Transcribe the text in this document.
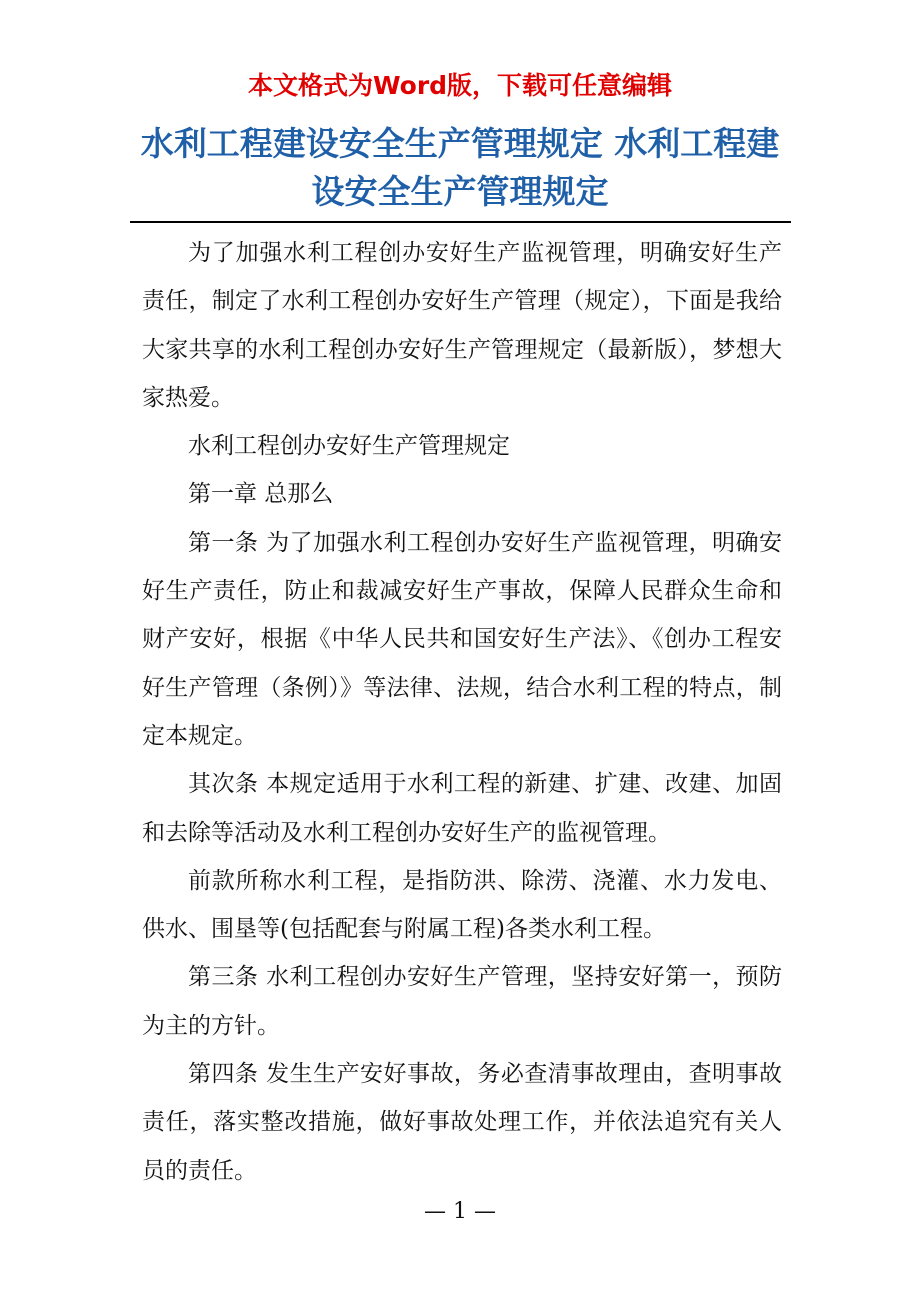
本文格式为Word版，下载可任意编辑
水利工程建设安全生产管理规定 水利工程建设安全生产管理规定

为了加强水利工程创办安好生产监视管理，明确安好生产责任，制定了水利工程创办安好生产管理（规定），下面是我给大家共享的水利工程创办安好生产管理规定（最新版），梦想大家热爱。

水利工程创办安好生产管理规定

第一章 总那么

第一条 为了加强水利工程创办安好生产监视管理，明确安好生产责任，防止和裁减安好生产事故，保障人民群众生命和财产安好，根据《中华人民共和国安好生产法》、《创办工程安好生产管理（条例）》等法律、法规，结合水利工程的特点，制定本规定。

其次条 本规定适用于水利工程的新建、扩建、改建、加固和去除等活动及水利工程创办安好生产的监视管理。

前款所称水利工程，是指防洪、除涝、浇灌、水力发电、供水、围垦等(包括配套与附属工程)各类水利工程。

第三条 水利工程创办安好生产管理，坚持安好第一，预防为主的方针。

第四条 发生生产安好事故，务必查清事故理由，查明事故责任，落实整改措施，做好事故处理工作，并依法追究有关人员的责任。

— 1 —
